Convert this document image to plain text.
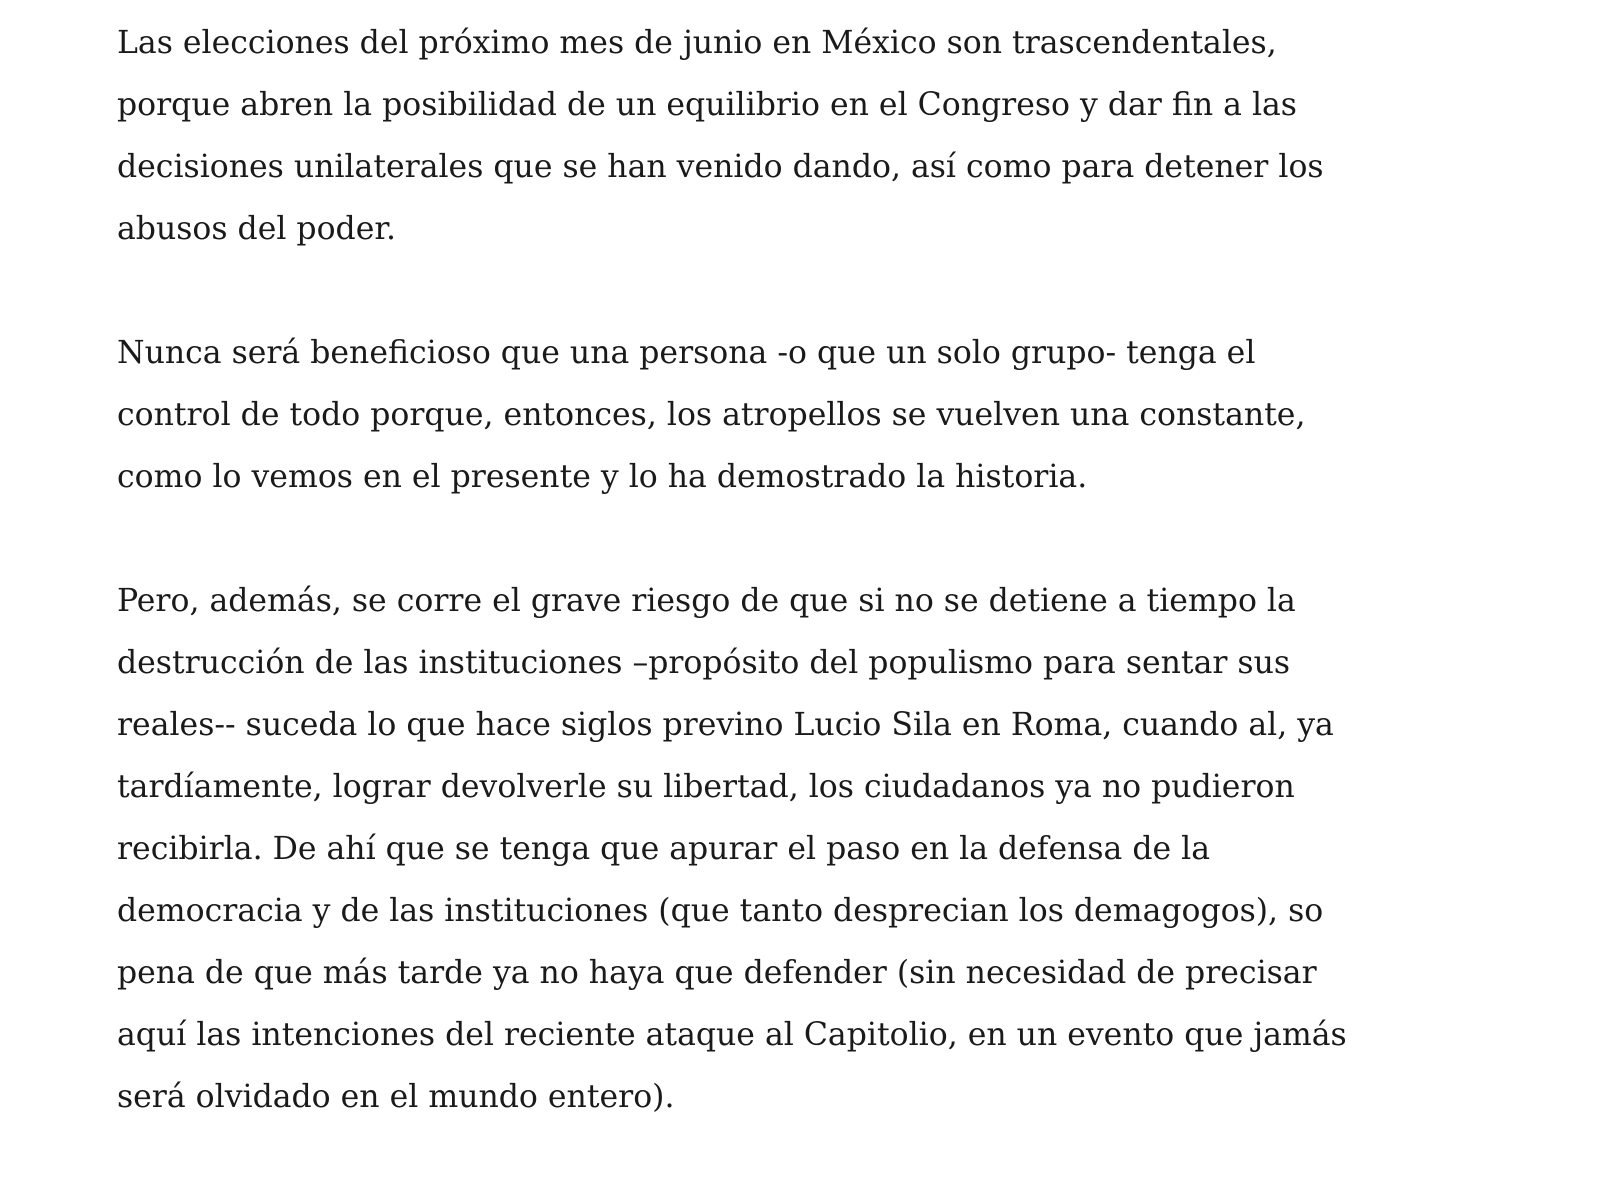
Las elecciones del próximo mes de junio en México son trascendentales,
porque abren la posibilidad de un equilibrio en el Congreso y dar fin a las
decisiones unilaterales que se han venido dando, así como para detener los
abusos del poder.

Nunca será beneficioso que una persona -o que un solo grupo- tenga el
control de todo porque, entonces, los atropellos se vuelven una constante,
como lo vemos en el presente y lo ha demostrado la historia.

Pero, además, se corre el grave riesgo de que si no se detiene a tiempo la
destrucción de las instituciones –propósito del populismo para sentar sus
reales-- suceda lo que hace siglos previno Lucio Sila en Roma, cuando al, ya
tardíamente, lograr devolverle su libertad, los ciudadanos ya no pudieron
recibirla. De ahí que se tenga que apurar el paso en la defensa de la
democracia y de las instituciones (que tanto desprecian los demagogos), so
pena de que más tarde ya no haya que defender (sin necesidad de precisar
aquí las intenciones del reciente ataque al Capitolio, en un evento que jamás
será olvidado en el mundo entero).
